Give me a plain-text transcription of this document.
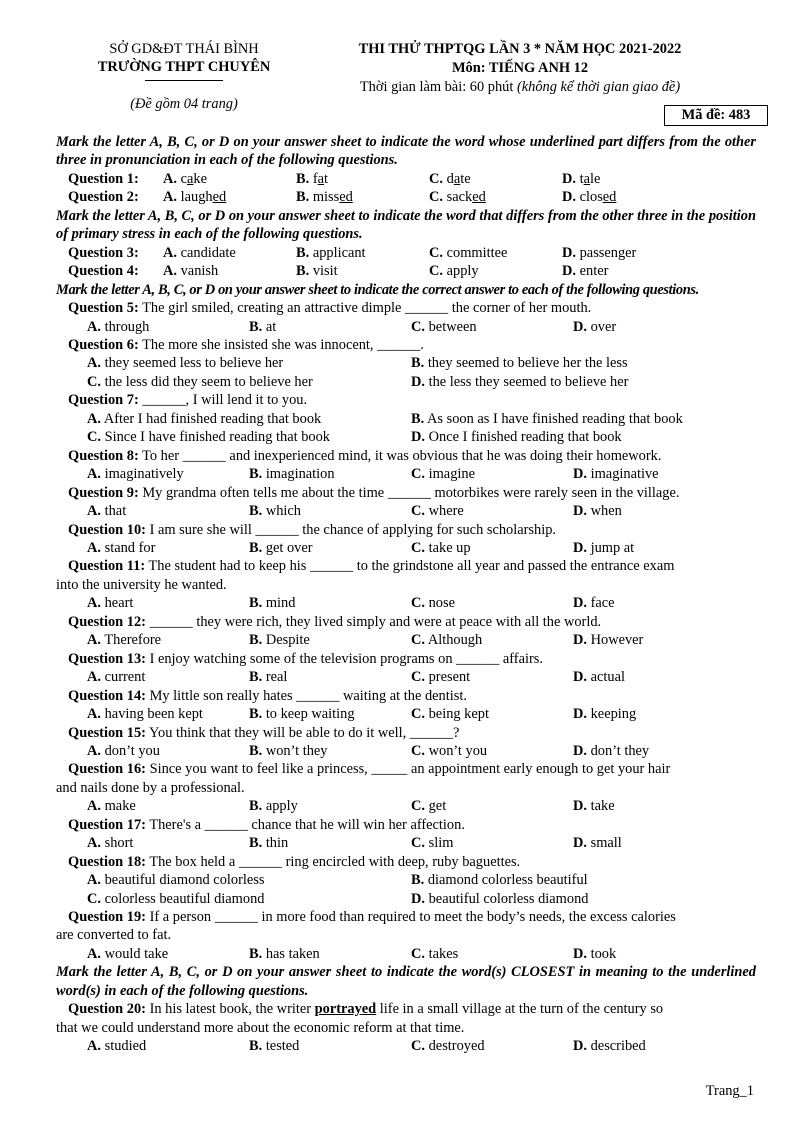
SỞ GD&ĐT THÁI BÌNH
TRƯỜNG THPT CHUYÊN
(Đề gồm 04 trang)
THI THỬ THPTQG LẦN 3 * NĂM HỌC 2021-2022
Môn: TIẾNG ANH 12
Thời gian làm bài: 60 phút (không kể thời gian giao đề)
Mã đề: 483
Mark the letter A, B, C, or D on your answer sheet to indicate the word whose underlined part differs from the other three in pronunciation in each of the following questions.
Question 1:	A. cake	B. fat	C. date	D. tale
Question 2:	A. laughed	B. missed	C. sacked	D. closed
Mark the letter A, B, C, or D on your answer sheet to indicate the word that differs from the other three in the position of primary stress in each of the following questions.
Question 3:	A. candidate	B. applicant	C. committee	D. passenger
Question 4:	A. vanish	B. visit	C. apply	D. enter
Mark the letter A, B, C, or D on your answer sheet to indicate the correct answer to each of the following questions.
Question 5: The girl smiled, creating an attractive dimple ______ the corner of her mouth.
A. through	B. at	C. between	D. over
Question 6: The more she insisted she was innocent, ______.
A. they seemed less to believe her	B. they seemed to believe her the less
C. the less did they seem to believe her	D. the less they seemed to believe her
Question 7: ______, I will lend it to you.
A. After I had finished reading that book	B. As soon as I have finished reading that book
C. Since I have finished reading that book	D. Once I finished reading that book
Question 8: To her ______ and inexperienced mind, it was obvious that he was doing their homework.
A. imaginatively	B. imagination	C. imagine	D. imaginative
Question 9: My grandma often tells me about the time ______ motorbikes were rarely seen in the village.
A. that	B. which	C. where	D. when
Question 10: I am sure she will ______ the chance of applying for such scholarship.
A. stand for	B. get over	C. take up	D. jump at
Question 11: The student had to keep his ______ to the grindstone all year and passed the entrance exam
into the university he wanted.
A. heart	B. mind	C. nose	D. face
Question 12: ______ they were rich, they lived simply and were at peace with all the world.
A. Therefore	B. Despite	C. Although	D. However
Question 13: I enjoy watching some of the television programs on ______ affairs.
A. current	B. real	C. present	D. actual
Question 14: My little son really hates ______ waiting at the dentist.
A. having been kept	B. to keep waiting	C. being kept	D. keeping
Question 15: You think that they will be able to do it well, ______?
A. don’t you	B. won’t they	C. won’t you	D. don’t they
Question 16: Since you want to feel like a princess, _____ an appointment early enough to get your hair
and nails done by a professional.
A. make	B. apply	C. get	D. take
Question 17: There's a ______ chance that he will win her affection.
A. short	B. thin	C. slim	D. small
Question 18: The box held a ______ ring encircled with deep, ruby baguettes.
A. beautiful diamond colorless	B. diamond colorless beautiful
C. colorless beautiful diamond	D. beautiful colorless diamond
Question 19: If a person ______ in more food than required to meet the body’s needs, the excess calories
are converted to fat.
A. would take	B. has taken	C. takes	D. took
Mark the letter A, B, C, or D on your answer sheet to indicate the word(s) CLOSEST in meaning to the underlined word(s) in each of the following questions.
Question 20: In his latest book, the writer portrayed life in a small village at the turn of the century so
that we could understand more about the economic reform at that time.
A. studied	B. tested	C. destroyed	D. described
Trang_1
